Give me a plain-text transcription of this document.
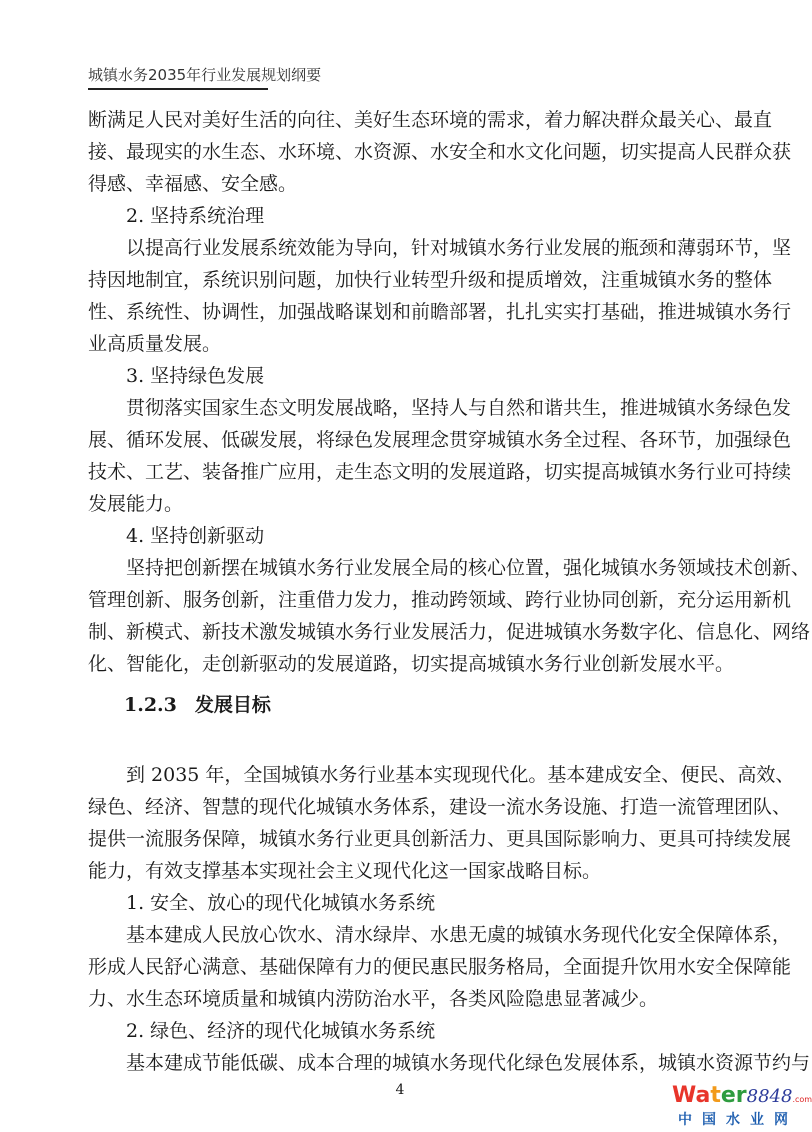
城镇水务2035年行业发展规划纲要
断满足人民对美好生活的向往、美好生态环境的需求，着力解决群众最关心、最直
接、最现实的水生态、水环境、水资源、水安全和水文化问题，切实提高人民群众获
得感、幸福感、安全感。
2. 坚持系统治理
以提高行业发展系统效能为导向，针对城镇水务行业发展的瓶颈和薄弱环节，坚
持因地制宜，系统识别问题，加快行业转型升级和提质增效，注重城镇水务的整体
性、系统性、协调性，加强战略谋划和前瞻部署，扎扎实实打基础，推进城镇水务行
业高质量发展。
3. 坚持绿色发展
贯彻落实国家生态文明发展战略，坚持人与自然和谐共生，推进城镇水务绿色发
展、循环发展、低碳发展，将绿色发展理念贯穿城镇水务全过程、各环节，加强绿色
技术、工艺、装备推广应用，走生态文明的发展道路，切实提高城镇水务行业可持续
发展能力。
4. 坚持创新驱动
坚持把创新摆在城镇水务行业发展全局的核心位置，强化城镇水务领域技术创新、
管理创新、服务创新，注重借力发力，推动跨领域、跨行业协同创新，充分运用新机
制、新模式、新技术激发城镇水务行业发展活力，促进城镇水务数字化、信息化、网络
化、智能化，走创新驱动的发展道路，切实提高城镇水务行业创新发展水平。
1.2.3 发展目标
到 2035 年，全国城镇水务行业基本实现现代化。基本建成安全、便民、高效、
绿色、经济、智慧的现代化城镇水务体系，建设一流水务设施、打造一流管理团队、
提供一流服务保障，城镇水务行业更具创新活力、更具国际影响力、更具可持续发展
能力，有效支撑基本实现社会主义现代化这一国家战略目标。
1. 安全、放心的现代化城镇水务系统
基本建成人民放心饮水、清水绿岸、水患无虞的城镇水务现代化安全保障体系，
形成人民舒心满意、基础保障有力的便民惠民服务格局，全面提升饮用水安全保障能
力、水生态环境质量和城镇内涝防治水平，各类风险隐患显著减少。
2. 绿色、经济的现代化城镇水务系统
基本建成节能低碳、成本合理的城镇水务现代化绿色发展体系，城镇水资源节约与
4	Water8848.com
中国水业网
